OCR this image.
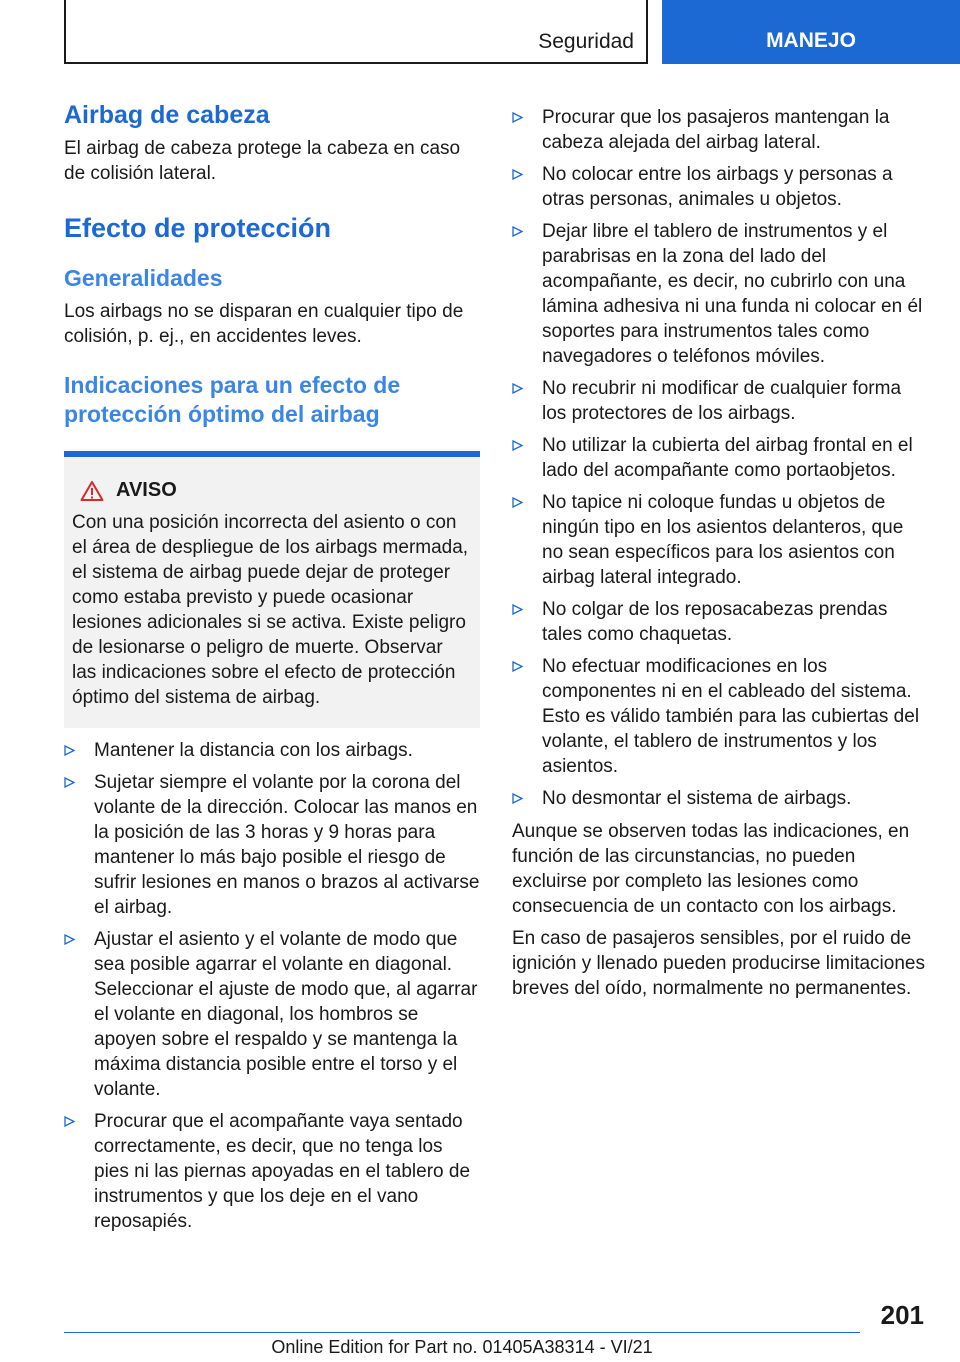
Seguridad	MANEJO
Airbag de cabeza

El airbag de cabeza protege la cabeza en caso de colisión lateral.

Efecto de protección
Generalidades

Los airbags no se disparan en cualquier tipo de colisión, p. ej., en accidentes leves.

Indicaciones para un efecto de protección óptimo del airbag
AVISO

Con una posición incorrecta del asiento o con el área de despliegue de los airbags mermada, el sistema de airbag puede dejar de proteger como estaba previsto y puede ocasionar lesiones adicionales si se activa. Existe peligro de lesionarse o peligro de muerte. Observar las indicaciones sobre el efecto de protección óptimo del sistema de airbag.

Mantener la distancia con los airbags.
Sujetar siempre el volante por la corona del volante de la dirección. Colocar las manos en la posición de las 3 horas y 9 horas para mantener lo más bajo posible el riesgo de sufrir lesiones en manos o brazos al activarse el airbag.
Ajustar el asiento y el volante de modo que sea posible agarrar el volante en diagonal. Seleccionar el ajuste de modo que, al agarrar el volante en diagonal, los hombros se apoyen sobre el respaldo y se mantenga la máxima distancia posible entre el torso y el volante.
Procurar que el acompañante vaya sentado correctamente, es decir, que no tenga los pies ni las piernas apoyadas en el tablero de instrumentos y que los deje en el vano reposapiés.
Procurar que los pasajeros mantengan la cabeza alejada del airbag lateral.
No colocar entre los airbags y personas a otras personas, animales u objetos.
Dejar libre el tablero de instrumentos y el parabrisas en la zona del lado del acompañante, es decir, no cubrirlo con una lámina adhesiva ni una funda ni colocar en él soportes para instrumentos tales como navegadores o teléfonos móviles.
No recubrir ni modificar de cualquier forma los protectores de los airbags.
No utilizar la cubierta del airbag frontal en el lado del acompañante como portaobjetos.
No tapice ni coloque fundas u objetos de ningún tipo en los asientos delanteros, que no sean específicos para los asientos con airbag lateral integrado.
No colgar de los reposacabezas prendas tales como chaquetas.
No efectuar modificaciones en los componentes ni en el cableado del sistema. Esto es válido también para las cubiertas del volante, el tablero de instrumentos y los asientos.
No desmontar el sistema de airbags.

Aunque se observen todas las indicaciones, en función de las circunstancias, no pueden excluirse por completo las lesiones como consecuencia de un contacto con los airbags.

En caso de pasajeros sensibles, por el ruido de ignición y llenado pueden producirse limitaciones breves del oído, normalmente no permanentes.

201
Online Edition for Part no. 01405A38314 - VI/21
